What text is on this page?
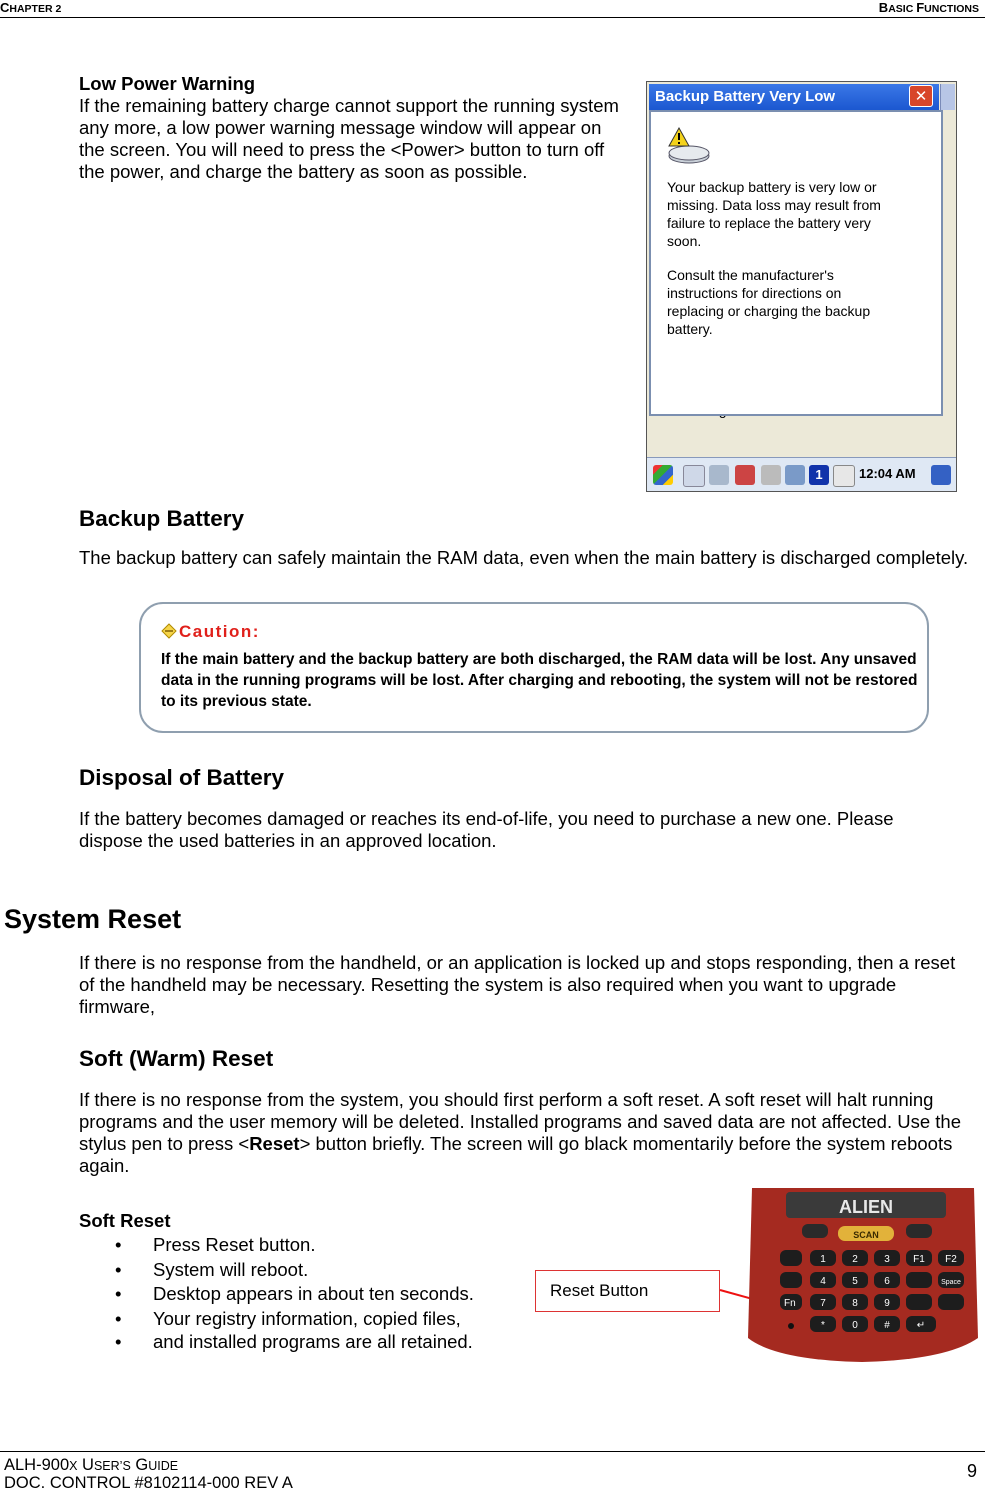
CHAPTER 2	BASIC FUNCTIONS

Low Power Warning

If the remaining battery charge cannot support the running system any more, a low power warning message window will appear on the screen. You will need to press the <Power> button to turn off the power, and charge the battery as soon as possible.

Backup Battery Very Low	✕
Your backup battery is very low or
missing. Data loss may result from
failure to replace the battery very
soon.
Consult the manufacturer's
instructions for directions on
replacing or charging the backup
battery.
1	12:04 AM

Backup Battery

The backup battery can safely maintain the RAM data, even when the main battery is discharged completely.

Caution:
If the main battery and the backup battery are both discharged, the RAM data will be lost. Any unsaved data in the running programs will be lost. After charging and rebooting, the system will not be restored to its previous state.

Disposal of Battery

If the battery becomes damaged or reaches its end-of-life, you need to purchase a new one. Please dispose the used batteries in an approved location.

System Reset

If there is no response from the handheld, or an application is locked up and stops responding, then a reset of the handheld may be necessary. Resetting the system is also required when you want to upgrade firmware,

Soft (Warm) Reset

If there is no response from the system, you should first perform a soft reset. A soft reset will halt running programs and the user memory will be deleted. Installed programs and saved data are not affected. Use the stylus pen to press <Reset> button briefly. The screen will go black momentarily before the system reboots again.

Soft Reset

• Press Reset button.
• System will reboot.
• Desktop appears in about ten seconds.
• Your registry information, copied files,
• and installed programs are all retained.
Reset Button
ALIEN
SCAN
Fn
1	2	3 F1 F2
4	5	6	Space
7	8	9
*	0	#	↵
ALH-900X USER’S GUIDE
DOC. CONTROL #8102114-000 REV A
9
